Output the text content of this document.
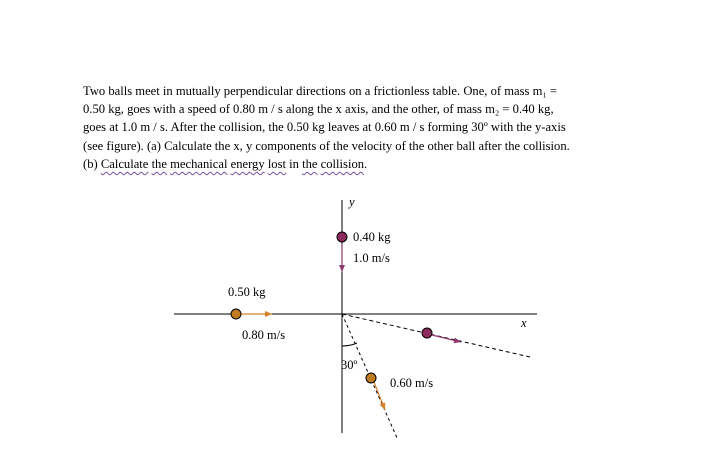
Two balls meet in mutually perpendicular directions on a frictionless table. One, of mass m₁ =

0.50 kg, goes with a speed of 0.80 m / s along the x axis, and the other, of mass m₂ = 0.40 kg,

goes at 1.0 m / s. After the collision, the 0.50 kg leaves at 0.60 m / s forming 30º with the y-axis

(see figure). (a) Calculate the x, y components of the velocity of the other ball after the collision.

(b) Calculate the mechanical energy lost in the collision.

y
x
0.40 kg
1.0 m/s
0.50 kg
0.80 m/s
30º
0.60 m/s
